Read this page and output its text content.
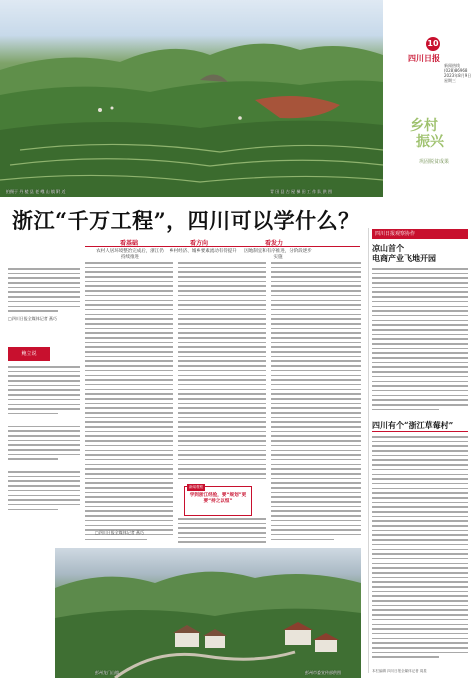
拍摄于 丹 棱 县 老 峨 山 镇 附 近	青 田 县 古 屋 梯 田 工 作 队 供 图
10
四川日报
新闻热线
(028)86968
2023年8月9日
星期三
乡村
振兴
巩固脱贫成果
浙江“千万工程”，四川可以学什么？
看基础
农村人居环境整治完成后，浙江仍持续推进
看方向
乡村经济、城乡要素流动有待提升
看发力
因地制宜和有序推进，分阶段逐步实施
□四川日报全媒体记者 燕巧
鲍立说
□四川日报全媒体记者 燕巧
新闻观察
学到浙江经验，要“规划”更要“持之以恒”
彭州龙门山镇	彭州市委宣传部供图
四川日报观察协作
凉山首个
电商产业飞地开园
四川有个“浙江草莓村”
本栏编辑 四川日报全媒体记者 周星
